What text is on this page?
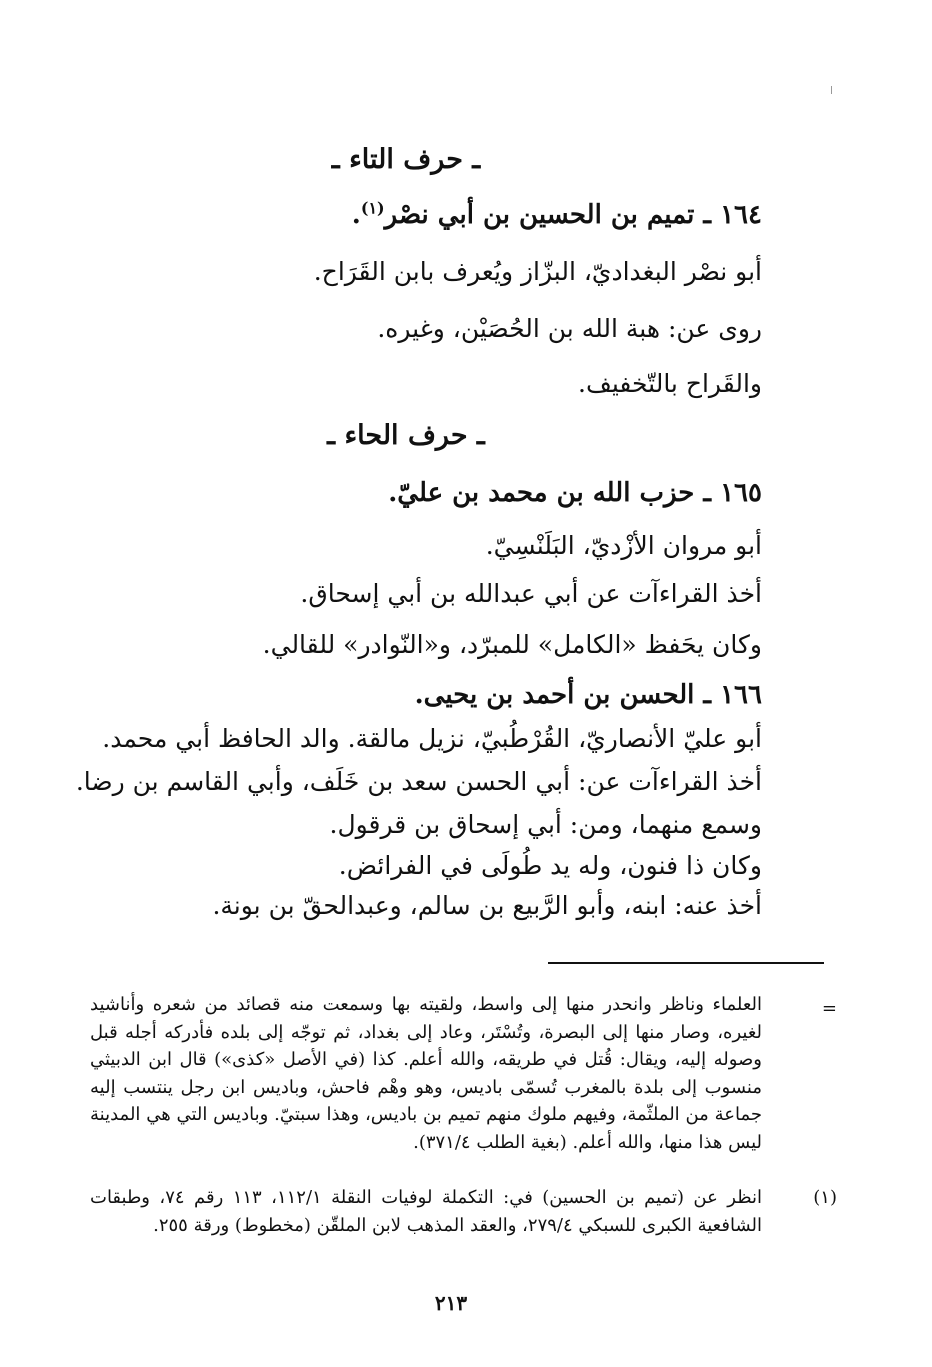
ـ حرف التاء ـ
١٦٤ ـ تميم بن الحسين بن أبي نصْر$^{(١)}$.
أبو نصْر البغداديّ، البزّاز ويُعرف بابن القَرَاح.
روى عن: هبة الله بن الحُصَيْن، وغيره.
والقَراح بالتّخفيف.
ـ حرف الحاء ـ
١٦٥ ـ حزب الله بن محمد بن عليّ.
أبو مروان الأزْديّ، البَلَنْسِيّ.
أخذ القراءآت عن أبي عبدالله بن أبي إسحاق.
وكان يحَفظ «الكامل» للمبرّد، و«النّوادر» للقالي.
١٦٦ ـ الحسن بن أحمد بن يحيى.
أبو عليّ الأنصاريّ، القُرْطُبيّ، نزيل مالقة. والد الحافظ أبي محمد.
أخذ القراءآت عن: أبي الحسن سعد بن خَلَف، وأبي القاسم بن رضا.
وسمع منهما، ومن: أبي إسحاق بن قرقول.
وكان ذا فنون، وله يد طُولَى في الفرائض.
أخذ عنه: ابنه، وأبو الرَّبيع بن سالم، وعبدالحقّ بن بونة.
=
العلماء وناظر وانحدر منها إلى واسط، ولقيته بها وسمعت منه قصائد من شعره وأناشيد لغيره، وصار منها إلى البصرة، وتُسْتَر، وعاد إلى بغداد، ثم توجّه إلى بلده فأدركه أجله قبل وصوله إليه، ويقال: قُتل في طريقه، والله أعلم. كذا (في الأصل «كذى») قال ابن الدبيثي منسوب إلى بلدة بالمغرب تُسمّى باديس، وهو وهْم فاحش، وباديس ابن رجل ينتسب إليه جماعة من الملثّمة، وفيهم ملوك منهم تميم بن باديس، وهذا سبتيّ. وباديس التي هي المدينة ليس هذا منها، والله أعلم. (بغية الطلب ٣٧١/٤).
(١)
انظر عن (تميم بن الحسين) في: التكملة لوفيات النقلة ١١٢/١، ١١٣ رقم ٧٤، وطبقات الشافعية الكبرى للسبكي ٢٧٩/٤، والعقد المذهب لابن الملقّن (مخطوط) ورقة ٢٥٥.
٢١٣
